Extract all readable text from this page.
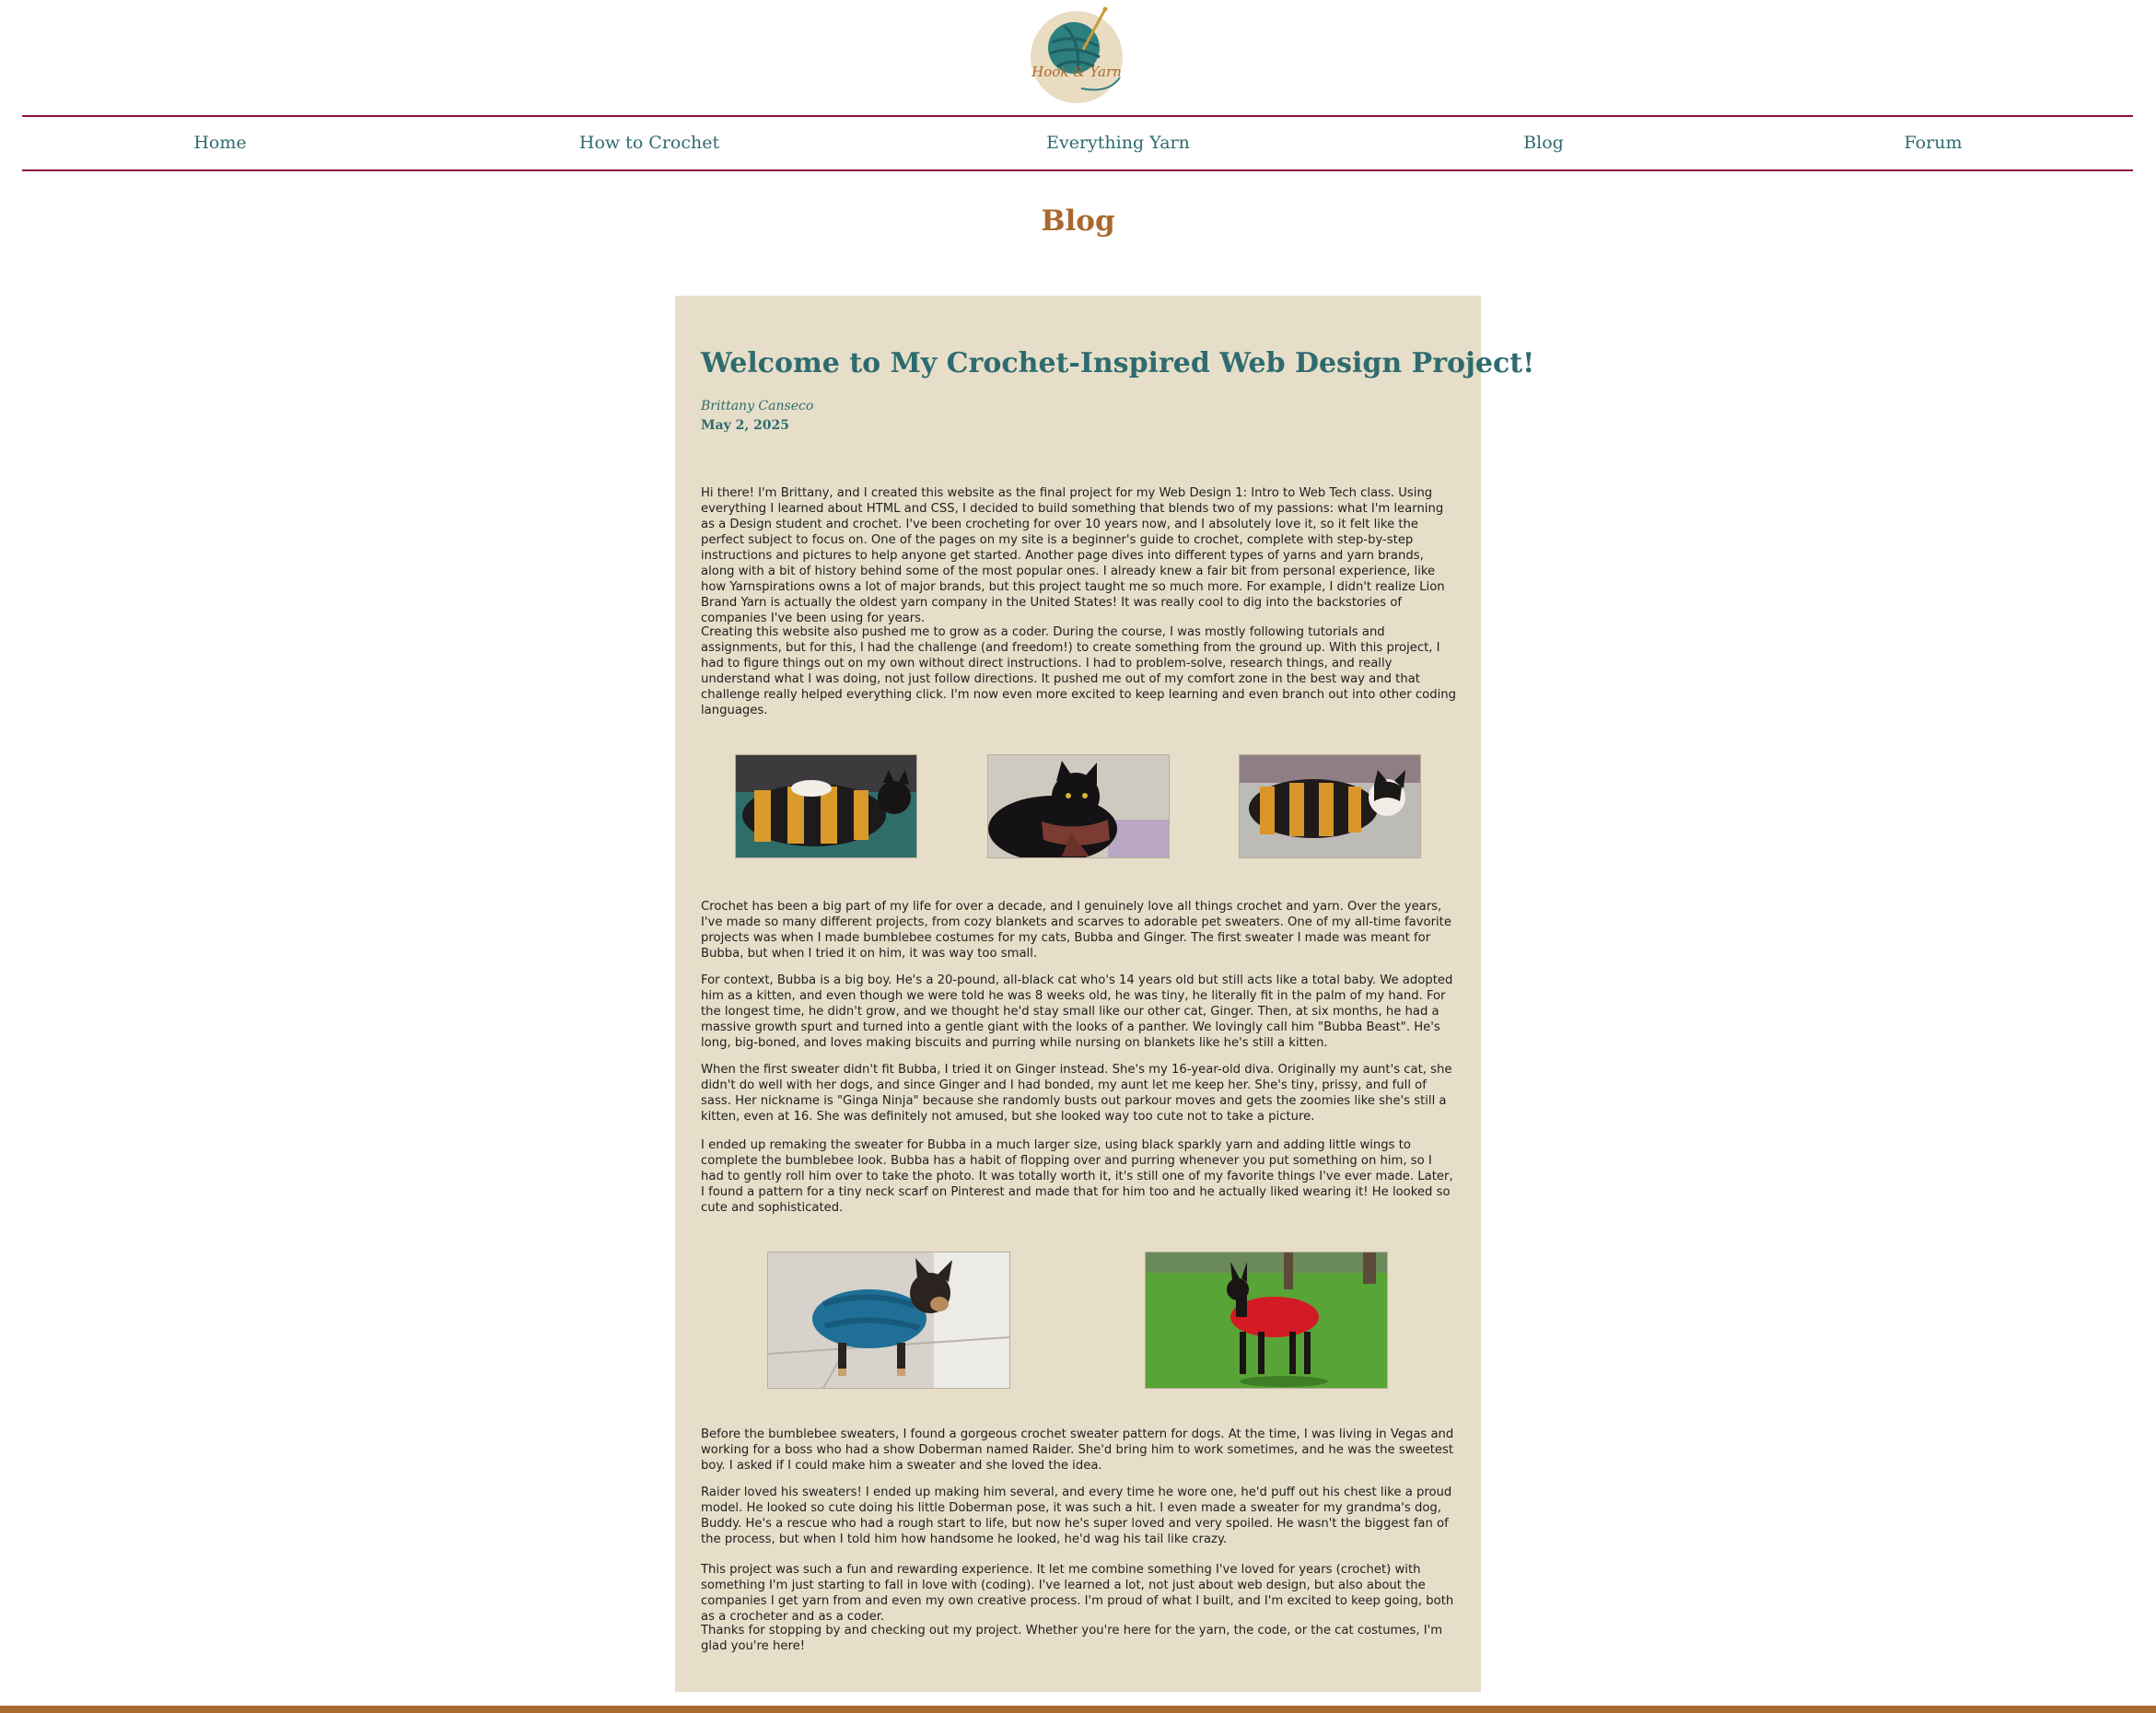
Hook & Yarn
Home	How to Crochet	Everything Yarn	Blog	Forum
Blog
Welcome to My Crochet-Inspired Web Design Project!
Brittany Canseco
May 2, 2025

Hi there! I'm Brittany, and I created this website as the final project for my Web Design 1: Intro to Web Tech class. Using everything I learned about HTML and CSS, I decided to build something that blends two of my passions: what I'm learning as a Design student and crochet. I've been crocheting for over 10 years now, and I absolutely love it, so it felt like the perfect subject to focus on. One of the pages on my site is a beginner's guide to crochet, complete with step-by-step instructions and pictures to help anyone get started. Another page dives into different types of yarns and yarn brands, along with a bit of history behind some of the most popular ones. I already knew a fair bit from personal experience, like how Yarnspirations owns a lot of major brands, but this project taught me so much more. For example, I didn't realize Lion Brand Yarn is actually the oldest yarn company in the United States! It was really cool to dig into the backstories of companies I've been using for years.

Creating this website also pushed me to grow as a coder. During the course, I was mostly following tutorials and assignments, but for this, I had the challenge (and freedom!) to create something from the ground up. With this project, I had to figure things out on my own without direct instructions. I had to problem-solve, research things, and really understand what I was doing, not just follow directions. It pushed me out of my comfort zone in the best way and that challenge really helped everything click. I'm now even more excited to keep learning and even branch out into other coding languages.

Crochet has been a big part of my life for over a decade, and I genuinely love all things crochet and yarn. Over the years, I've made so many different projects, from cozy blankets and scarves to adorable pet sweaters. One of my all-time favorite projects was when I made bumblebee costumes for my cats, Bubba and Ginger. The first sweater I made was meant for Bubba, but when I tried it on him, it was way too small.

For context, Bubba is a big boy. He's a 20-pound, all-black cat who's 14 years old but still acts like a total baby. We adopted him as a kitten, and even though we were told he was 8 weeks old, he was tiny, he literally fit in the palm of my hand. For the longest time, he didn't grow, and we thought he'd stay small like our other cat, Ginger. Then, at six months, he had a massive growth spurt and turned into a gentle giant with the looks of a panther. We lovingly call him "Bubba Beast". He's long, big-boned, and loves making biscuits and purring while nursing on blankets like he's still a kitten.

When the first sweater didn't fit Bubba, I tried it on Ginger instead. She's my 16-year-old diva. Originally my aunt's cat, she didn't do well with her dogs, and since Ginger and I had bonded, my aunt let me keep her. She's tiny, prissy, and full of sass. Her nickname is "Ginga Ninja" because she randomly busts out parkour moves and gets the zoomies like she's still a kitten, even at 16. She was definitely not amused, but she looked way too cute not to take a picture.

I ended up remaking the sweater for Bubba in a much larger size, using black sparkly yarn and adding little wings to complete the bumblebee look. Bubba has a habit of flopping over and purring whenever you put something on him, so I had to gently roll him over to take the photo. It was totally worth it, it's still one of my favorite things I've ever made. Later, I found a pattern for a tiny neck scarf on Pinterest and made that for him too and he actually liked wearing it! He looked so cute and sophisticated.

Before the bumblebee sweaters, I found a gorgeous crochet sweater pattern for dogs. At the time, I was living in Vegas and working for a boss who had a show Doberman named Raider. She'd bring him to work sometimes, and he was the sweetest boy. I asked if I could make him a sweater and she loved the idea.

Raider loved his sweaters! I ended up making him several, and every time he wore one, he'd puff out his chest like a proud model. He looked so cute doing his little Doberman pose, it was such a hit. I even made a sweater for my grandma's dog, Buddy. He's a rescue who had a rough start to life, but now he's super loved and very spoiled. He wasn't the biggest fan of the process, but when I told him how handsome he looked, he'd wag his tail like crazy.

This project was such a fun and rewarding experience. It let me combine something I've loved for years (crochet) with something I'm just starting to fall in love with (coding). I've learned a lot, not just about web design, but also about the companies I get yarn from and even my own creative process. I'm proud of what I built, and I'm excited to keep going, both as a crocheter and as a coder.

Thanks for stopping by and checking out my project. Whether you're here for the yarn, the code, or the cat costumes, I'm glad you're here!
